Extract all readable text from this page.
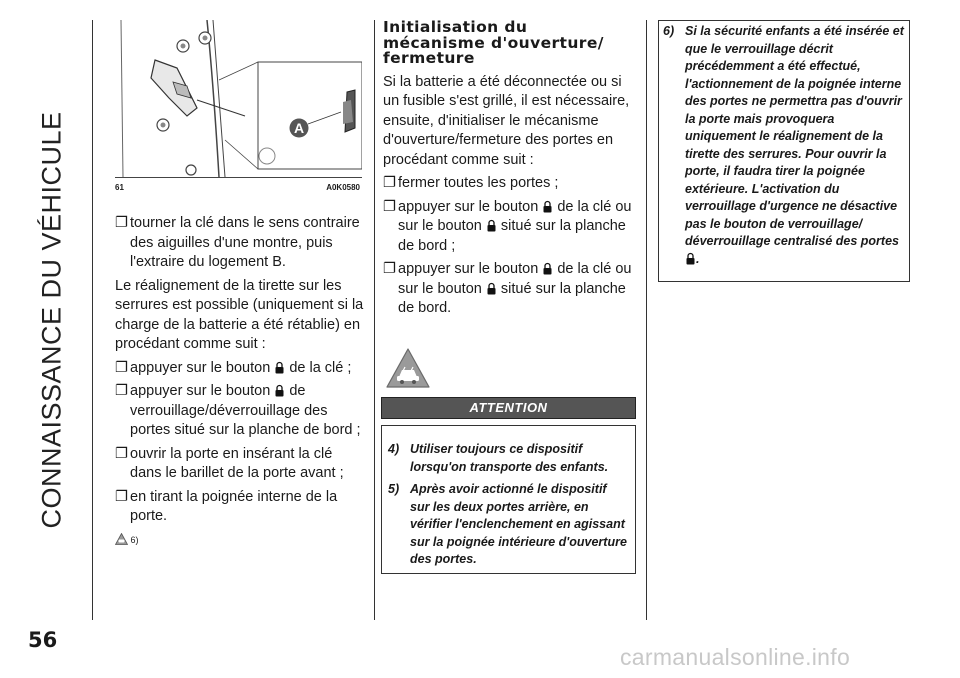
CONNAISSANCE DU VÉHICULE
56
A
61	A0K0580
❐ tourner la clé dans le sens contraire des aiguilles d'une montre, puis l'extraire du logement B.
Le réalignement de la tirette sur les serrures est possible (uniquement si la charge de la batterie a été rétablie) en procédant comme suit :
❐ appuyer sur le bouton de la clé ;
❐ appuyer sur le bouton de verrouillage/déverrouillage des portes situé sur la planche de bord ;
❐ ouvrir la porte en insérant la clé dans le barillet de la porte avant ;
❐ en tirant la poignée interne de la porte.
6)
Initialisation du
mécanisme d'ouverture/
fermeture
Si la batterie a été déconnectée ou si un fusible s'est grillé, il est nécessaire, ensuite, d'initialiser le mécanisme d'ouverture/fermeture des portes en procédant comme suit :
❐ fermer toutes les portes ;
❐ appuyer sur le bouton de la clé ou sur le bouton situé sur la planche de bord ;
❐ appuyer sur le bouton de la clé ou sur le bouton situé sur la planche de bord.
ATTENTION
4) Utiliser toujours ce dispositif lorsqu'on transporte des enfants.
5) Après avoir actionné le dispositif sur les deux portes arrière, en vérifier l'enclenchement en agissant sur la poignée intérieure d'ouverture des portes.
6) Si la sécurité enfants a été insérée et que le verrouillage décrit précédemment a été effectué, l'actionnement de la poignée interne des portes ne permettra pas d'ouvrir la porte mais provoquera uniquement le réalignement de la tirette des serrures. Pour ouvrir la porte, il faudra tirer la poignée extérieure. L'activation du verrouillage d'urgence ne désactive pas le bouton de verrouillage/ déverrouillage centralisé des portes .
carmanualsonline.info
